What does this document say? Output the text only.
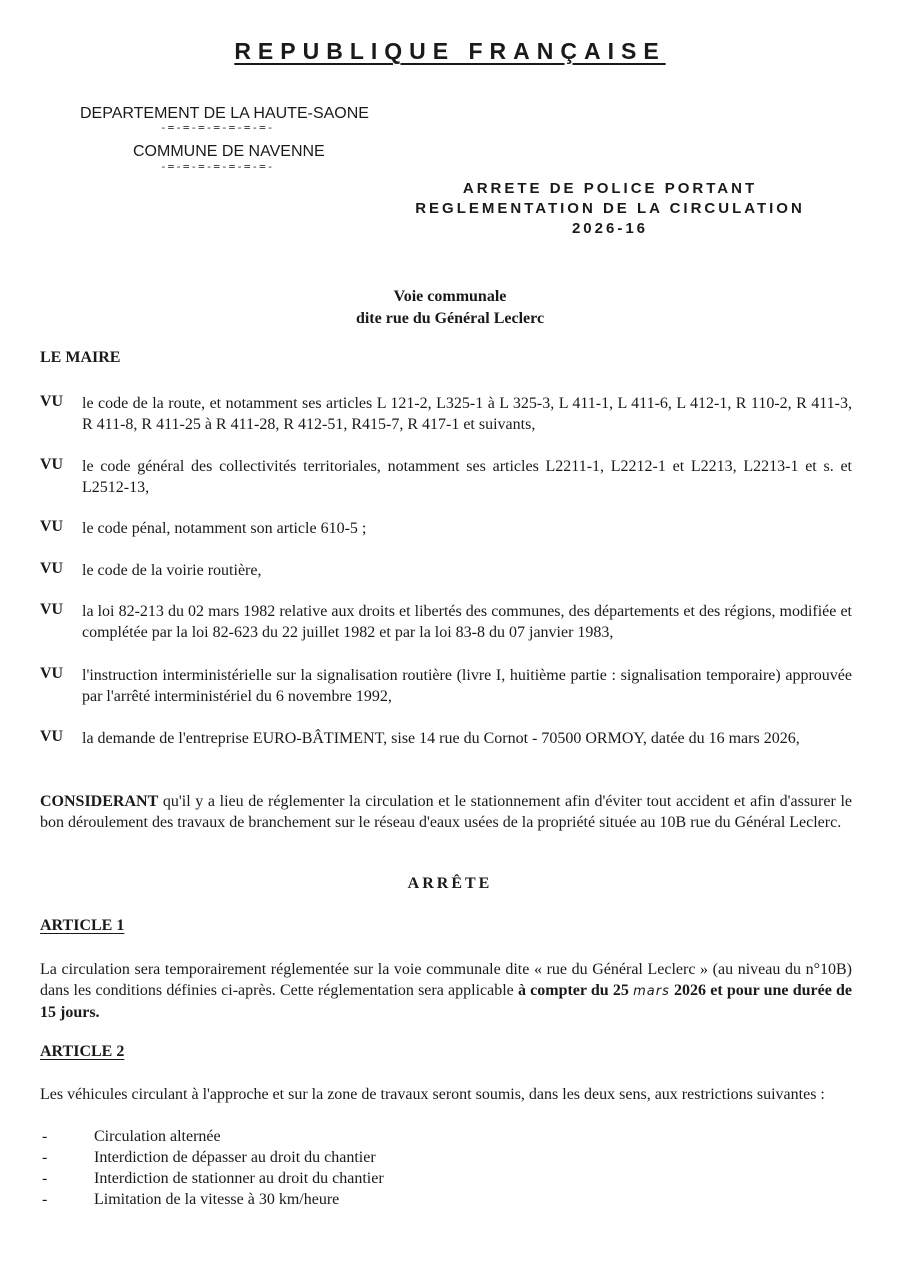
REPUBLIQUE FRANÇAISE
DEPARTEMENT DE LA HAUTE-SAONE
-=-=-=-=-=-=-=-
COMMUNE DE NAVENNE
-=-=-=-=-=-=-=-
ARRETE DE POLICE PORTANT
REGLEMENTATION DE LA CIRCULATION
2026-16
Voie communale
dite rue du Général Leclerc
LE MAIRE
VU le code de la route, et notamment ses articles L 121-2, L325-1 à L 325-3, L 411-1, L 411-6, L 412-1, R 110-2, R 411-3, R 411-8, R 411-25 à R 411-28, R 412-51, R415-7, R 417-1 et suivants,
VU le code général des collectivités territoriales, notamment ses articles L2211-1, L2212-1 et L2213, L2213-1 et s. et L2512-13,
VU le code pénal, notamment son article 610-5 ;
VU le code de la voirie routière,
VU la loi 82-213 du 02 mars 1982 relative aux droits et libertés des communes, des départements et des régions, modifiée et complétée par la loi 82-623 du 22 juillet 1982 et par la loi 83-8 du 07 janvier 1983,
VU l'instruction interministérielle sur la signalisation routière (livre I, huitième partie : signalisation temporaire) approuvée par l'arrêté interministériel du 6 novembre 1992,
VU la demande de l'entreprise EURO-BÂTIMENT, sise 14 rue du Cornot - 70500 ORMOY, datée du 16 mars 2026,
CONSIDERANT qu'il y a lieu de réglementer la circulation et le stationnement afin d'éviter tout accident et afin d'assurer le bon déroulement des travaux de branchement sur le réseau d'eaux usées de la propriété située au 10B rue du Général Leclerc.
ARRÊTE
ARTICLE 1
La circulation sera temporairement réglementée sur la voie communale dite « rue du Général Leclerc » (au niveau du n°10B) dans les conditions définies ci-après. Cette réglementation sera applicable à compter du 25 mars 2026 et pour une durée de 15 jours.
ARTICLE 2
Les véhicules circulant à l'approche et sur la zone de travaux seront soumis, dans les deux sens, aux restrictions suivantes :
-	Circulation alternée
-	Interdiction de dépasser au droit du chantier
-	Interdiction de stationner au droit du chantier
-	Limitation de la vitesse à 30 km/heure
